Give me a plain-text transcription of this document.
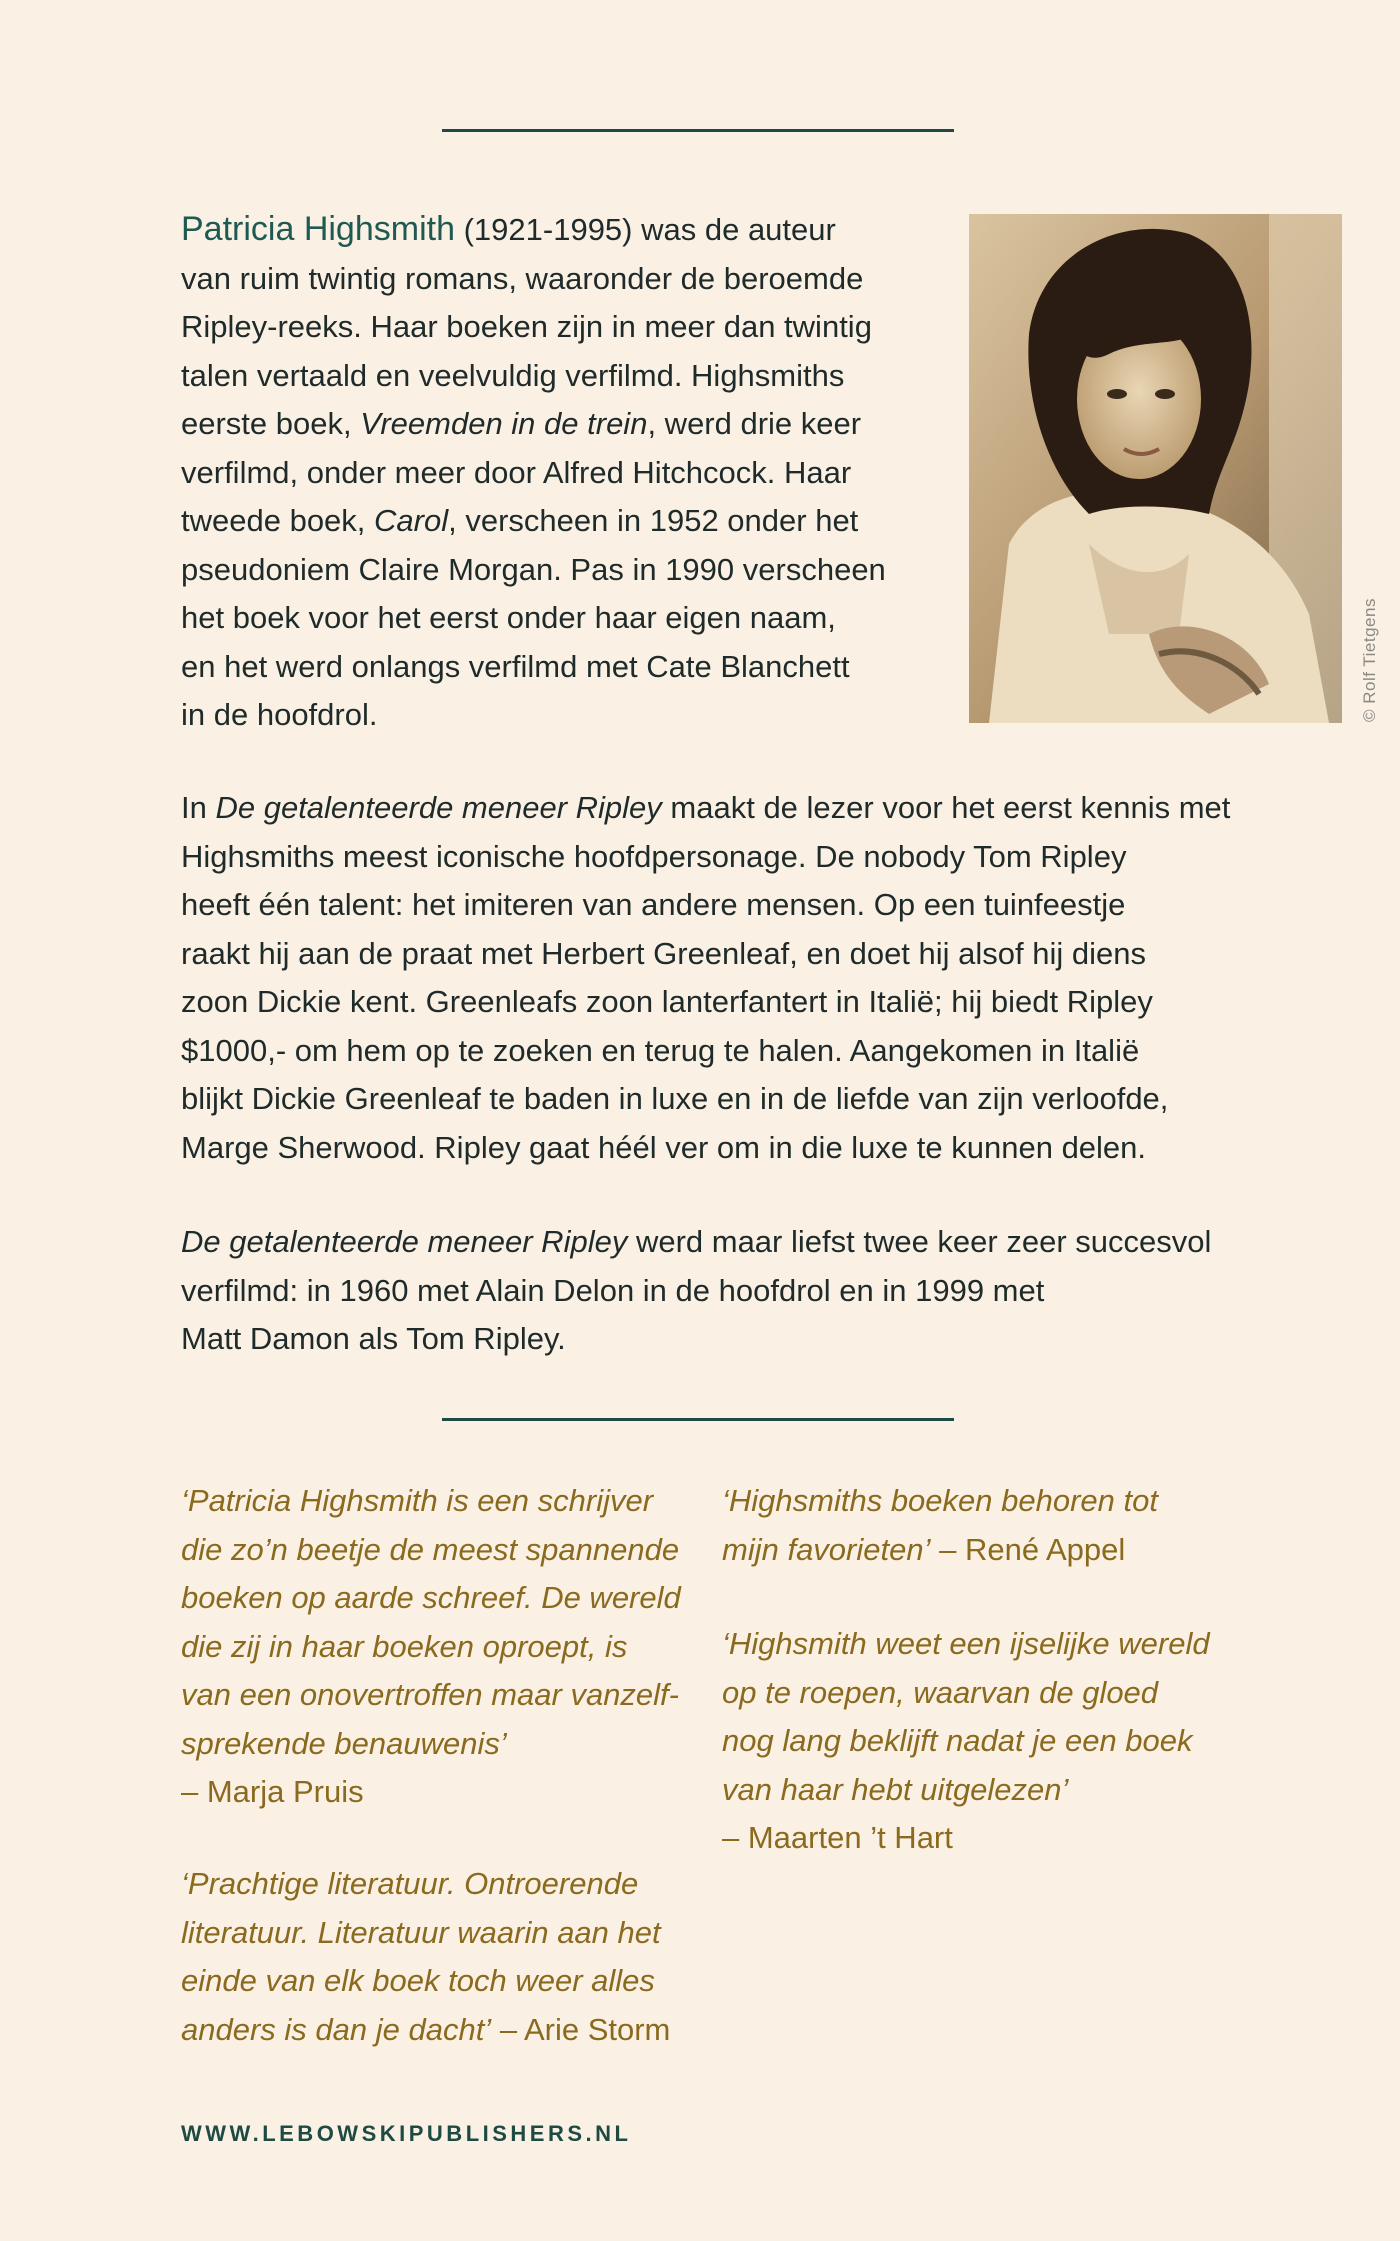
Patricia Highsmith (1921-1995) was de auteur
van ruim twintig romans, waaronder de beroemde
Ripley-reeks. Haar boeken zijn in meer dan twintig
talen vertaald en veelvuldig verfilmd. Highsmiths
eerste boek, Vreemden in de trein, werd drie keer
verfilmd, onder meer door Alfred Hitchcock. Haar
tweede boek, Carol, verscheen in 1952 onder het
pseudoniem Claire Morgan. Pas in 1990 verscheen
het boek voor het eerst onder haar eigen naam,
en het werd onlangs verfilmd met Cate Blanchett
in de hoofdrol.	© Rolf Tietgens
In De getalenteerde meneer Ripley maakt de lezer voor het eerst kennis met
Highsmiths meest iconische hoofdpersonage. De nobody Tom Ripley
heeft één talent: het imiteren van andere mensen. Op een tuinfeestje
raakt hij aan de praat met Herbert Greenleaf, en doet hij alsof hij diens
zoon Dickie kent. Greenleafs zoon lanterfantert in Italië; hij biedt Ripley
$1000,- om hem op te zoeken en terug te halen. Aangekomen in Italië
blijkt Dickie Greenleaf te baden in luxe en in de liefde van zijn verloofde,
Marge Sherwood. Ripley gaat héél ver om in die luxe te kunnen delen.
De getalenteerde meneer Ripley werd maar liefst twee keer zeer succesvol
verfilmd: in 1960 met Alain Delon in de hoofdrol en in 1999 met
Matt Damon als Tom Ripley.
‘Patricia Highsmith is een schrijver
die zo’n beetje de meest spannende
boeken op aarde schreef. De wereld
die zij in haar boeken oproept, is
van een onovertroffen maar vanzelf-
sprekende benauwenis’
– Marja Pruis
‘Prachtige literatuur. Ontroerende
literatuur. Literatuur waarin aan het
einde van elk boek toch weer alles
anders is dan je dacht’ – Arie Storm
‘Highsmiths boeken behoren tot
mijn favorieten’ – René Appel
‘Highsmith weet een ijselijke wereld
op te roepen, waarvan de gloed
nog lang beklijft nadat je een boek
van haar hebt uitgelezen’
– Maarten ’t Hart
WWW.LEBOWSKIPUBLISHERS.NL
